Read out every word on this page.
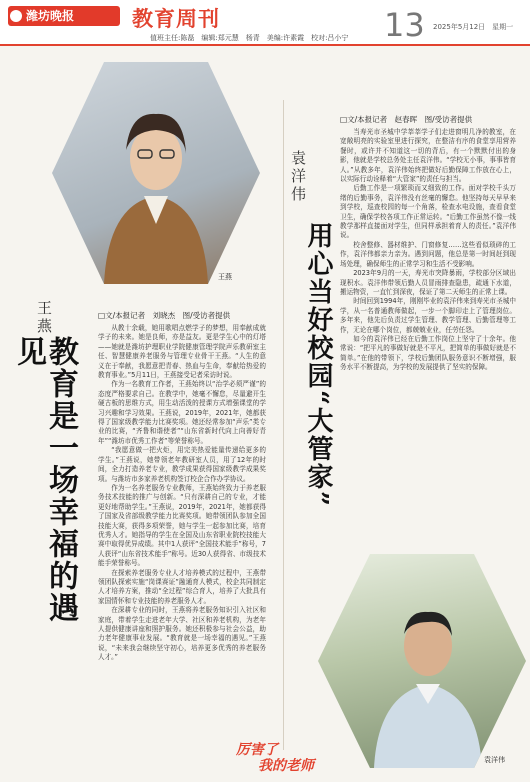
潍坊晚报	教育周刊	13 2025年5月12日　星期一
值班主任:陈磊　编辑:郑元慧　杨青　美编:许素霞　校对:吕小宁
王燕
王燕
教育是一场幸福的遇见
□文/本报记者　刘晓杰　图/受访者提供

从教十余载，她用歌唱点燃学子的梦想，用奉献成就学子的未来。她是良师，亦是益友。更是学生心中的灯塔——她就是潍坊护理职业学院健康管理学院声乐教研室主任、智慧健康养老服务与管理专业骨干王燕。“人生的意义在于奉献，我愿意把青春、热血与生命，奉献给热爱的教育事业。”5月11日，王燕接受记者采访时说。

作为一名教育工作者，王燕始终以“治学必须严谨”的态度严格要求自己。在教学中，她毫不懈怠，尽量避开生硬古板的思维方式，用生动活泼的授课方式增强课堂的学习兴趣和学习效果。王燕说，2019年，2021年，她都获得了国家级教学能力比赛奖项。她还经常参加“声乐”类专业的比赛，“齐鲁和谐使者”“山东省新时代向上向善好青年”“潍坊市优秀工作者”等荣誉称号。

“我愿意做一把火炬，用完美热爱能量传递给更多的学生。”王燕说，她带领老年教研室人员，用了12年的时间，全力打造养老专业，教学成果获得国家级教学成果奖项。与潍坊市多家养老机构签订校企合作办学协议。

作为一名养老服务专业教师，王燕始终致力于养老服务技术技能的推广与创新。“只有深耕自己的专业，才能更好地帮助学生。”王燕说，2019年，2021年，她都获得了国家及省部级教学能力比赛奖项。她带领团队参加全国技能大赛，获得多项荣誉，她与学生一起参加比赛，培育优秀人才。她指导的学生在全国及山东省职业院校技能大赛中取得优异成绩。其中1人获评“全国技术能手”称号，7人获评“山东省技术能手”称号。近30人获得省、市级技术能手荣誉称号。

在探索养老服务专业人才培养模式的过程中，王燕带领团队探索实施“岗课赛证”融通育人模式，校企共同制定人才培养方案，推动“全过程”综合育人，培养了大批具有家国情怀和专业技能的养老服务人才。

在深耕专业的同时，王燕将养老服务知识引入社区和家庭，带着学生走进老年大学、社区和养老机构，为老年人提供健康讲座和照护服务。她还积极参与社会公益，助力老年健康事业发展。“教育就是一场幸福的遇见。”王燕说，“未来我会继续坚守初心，培养更多优秀的养老服务人才。”

袁洋伟
用心当好校园“大管家”
□文/本报记者　赵春晖　图/受访者提供

当寿光市圣城中学莘莘学子们走进窗明几净的教室，在宽敞明亮的实验室里进行探究，在整洁有序的食堂享用营养餐时，或许并不知道这一切的背后，有一个默默付出的身影，他就是学校总务处主任袁洋伟。“学校无小事，事事皆育人。”从教多年，袁洋伟始终把做好后勤保障工作放在心上，以实际行动诠释着“大管家”的责任与担当。

后勤工作是一项繁琐而又细致的工作。面对学校千头万绪的后勤事务，袁洋伟没有丝毫的懈怠。他坚持每天早早来到学校，巡查校园的每一个角落，检查水电设施，查看食堂卫生，确保学校各项工作正常运转。“后勤工作虽然不像一线教学那样直接面对学生，但同样承担着育人的责任。”袁洋伟说。

校舍整修、器材维护、门窗修复……这些看似琐碎的工作，袁洋伟都亲力亲为。遇到问题，他总是第一时间赶到现场处理，确保师生的正常学习和生活不受影响。

2023年9月的一天，寿光市突降暴雨，学校部分区域出现积水。袁洋伟带领后勤人员冒雨排查隐患，疏通下水道，搬运物资，一直忙到深夜，保证了第二天师生的正常上课。

时间回到1994年，刚刚毕业的袁洋伟来到寿光市圣城中学，从一名普通教师做起，一步一个脚印走上了管理岗位。多年来，他先后负责过学生管理、教学管理、后勤管理等工作，无论在哪个岗位，都兢兢业业，任劳任怨。

如今的袁洋伟已经在后勤工作岗位上坚守了十余年。他常说：“把平凡的事做好就是不平凡，把简单的事做好就是不简单。”在他的带领下，学校后勤团队服务意识不断增强，服务水平不断提高，为学校的发展提供了坚实的保障。

袁洋伟
厉害了
我的老师
